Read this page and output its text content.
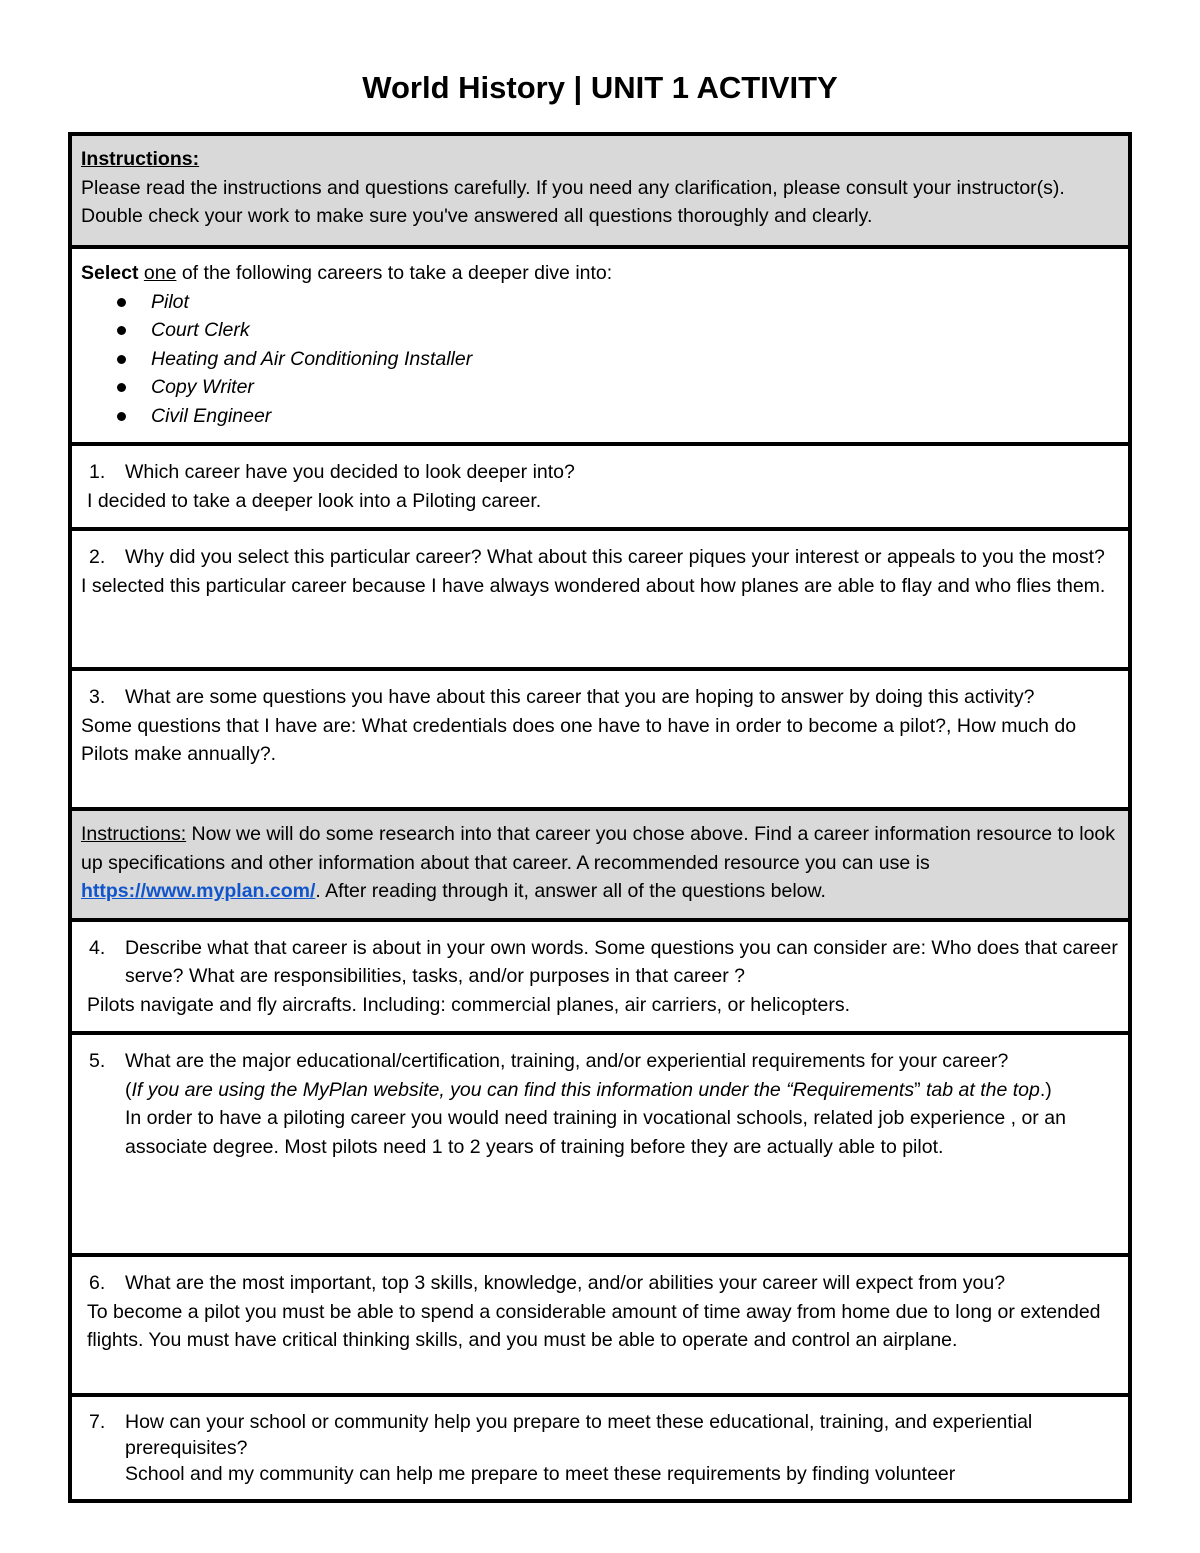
World History | UNIT 1 ACTIVITY
Instructions:
Please read the instructions and questions carefully. If you need any clarification, please consult your instructor(s). Double check your work to make sure you've answered all questions thoroughly and clearly.

Select one of the following careers to take a deeper dive into:
Pilot
Court Clerk
Heating and Air Conditioning Installer
Copy Writer
Civil Engineer

1.	Which career have you decided to look deeper into?
I decided to take a deeper look into a Piloting career.

2.	Why did you select this particular career? What about this career piques your interest or appeals to you the most?
I selected this particular career because I have always wondered about how planes are able to flay and who flies them.

3.	What are some questions you have about this career that you are hoping to answer by doing this activity?
Some questions that I have are: What credentials does one have to have in order to become a pilot?, How much do Pilots make annually?.

Instructions: Now we will do some research into that career you chose above. Find a career information resource to look up specifications and other information about that career. A recommended resource you can use is https://www.myplan.com/. After reading through it, answer all of the questions below.

4.	Describe what that career is about in your own words. Some questions you can consider are: Who does that career serve? What are responsibilities, tasks, and/or purposes in that career ?
Pilots navigate and fly aircrafts. Including: commercial planes, air carriers, or helicopters.

5.	What are the major educational/certification, training, and/or experiential requirements for your career?
(If you are using the MyPlan website, you can find this information under the “Requirements” tab at the top.)
In order to have a piloting career you would need training in vocational schools, related job experience , or an associate degree. Most pilots need 1 to 2 years of training before they are actually able to pilot.

6.	What are the most important, top 3 skills, knowledge, and/or abilities your career will expect from you?
To become a pilot you must be able to spend a considerable amount of time away from home due to long or extended flights. You must have critical thinking skills, and you must be able to operate and control an airplane.

7.	How can your school or community help you prepare to meet these educational, training, and experiential prerequisites?
School and my community can help me prepare to meet these requirements by finding volunteer
